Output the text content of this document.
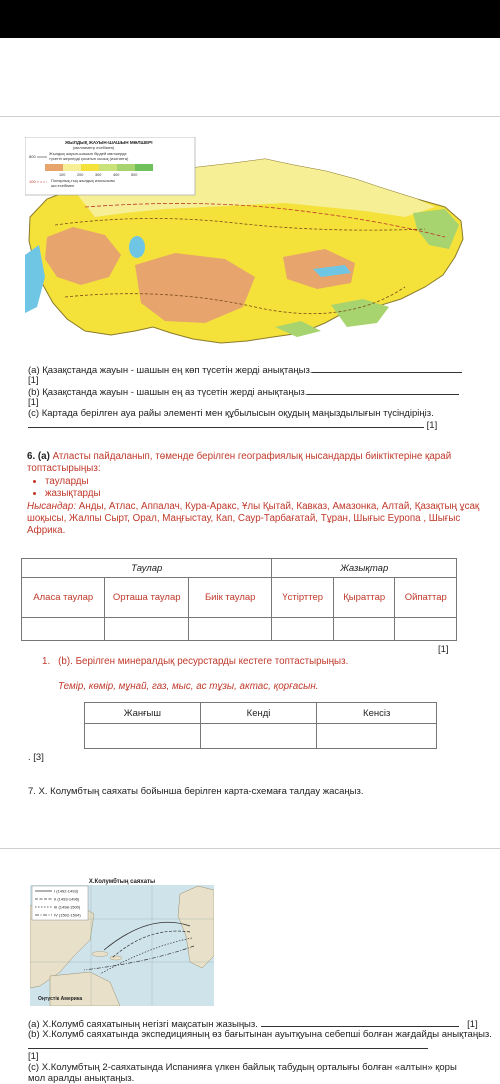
ЖЫЛДЫҚ ЖАУЫН-ШАШЫН МӨЛШЕРІ
(миллиметр есебімен)
Жылдық жауын-шашын бірдей мөлшерде
түсетін жерлерді қосатын сызық (изогиета)
800
100	200	300	400	500
100	Полярлық-тың жылдық изосызығы
ши есебімен
(a) Қазақстанда жауын - шашын ең көп түсетін жерді анықтаңыз.
[1]
(b) Қазақстанда жауын - шашын ең аз түсетін жерді анықтаңыз.
[1]
(c) Картада берілген ауа райы элементі мен құбылысын оқудың маңыздылығын түсіндіріңіз.
[1]
6. (a) Атласты пайдаланып, төменде берілген географиялық нысандарды биіктіктеріне қарай топтастырыңыз:
• тауларды
• жазықтарды
Нысандар: Анды, Атлас, Аппалач, Кура-Аракс, Ұлы Қытай, Кавказ, Амазонка, Алтай, Қазақтың ұсақ шоқысы, Жалпы Сырт, Орал, Маңғыстау, Кап, Саур-Тарбағатай, Тұран, Шығыс Еуропа , Шығыс Африка.
Таулар			Жазықтар		
Аласа таулар	Орташа таулар	Биік таулар	Үстірттер	Қыраттар	Ойпаттар

[1]
1. (b). Берілген минералдық ресурстарды кестеге топтастырыңыз.
Темір, көмір, мұнай, газ, мыс, ас тұзы, актас, қорғасын.
Жанғыш	Кенді	Кенсіз

. [3]
7. Х. Колумбтың саяхаты бойынша берілген карта-схемаға талдау жасаңыз.
Х.Колумбтың саяхаты
I (1492-1493)
II (1493-1496)
III (1498-1500)
IV (1502-1504)
Оңтүстік Америка
(a) Х.Колумб саяхатының негізгі мақсатын жазыңыз.	[1]
(b) Х.Колумб саяхатында экспедицияның өз бағытынан ауытқуына себепші болған жағдайды анықтаңыз.
[1]
(c) Х.Колумбтың 2-саяхатында Испанияға үлкен байлық табудың орталығы болған «алтын» қоры мол аралды анықтаңыз.
